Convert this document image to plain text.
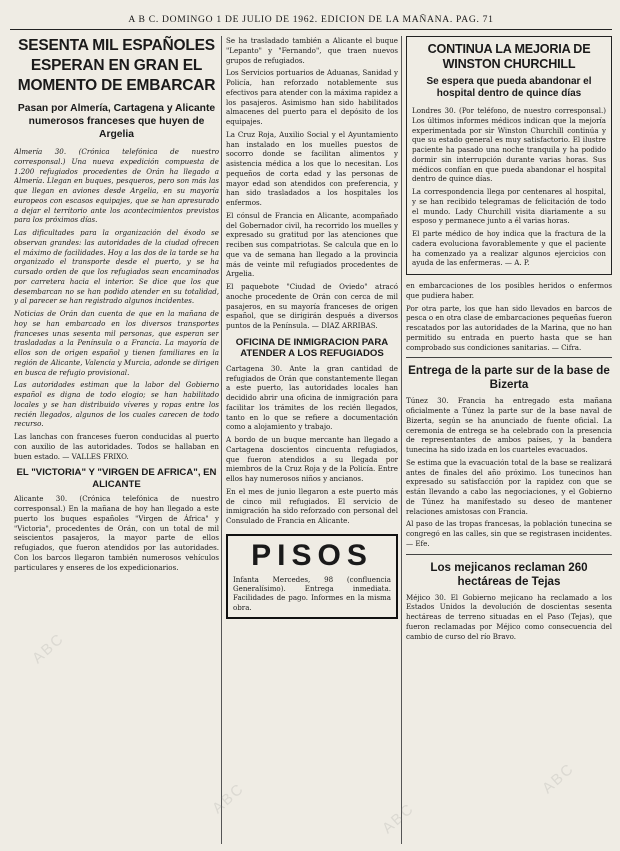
A B C. DOMINGO 1 DE JULIO DE 1962. EDICION DE LA MAÑANA. PAG. 71
SESENTA MIL ESPAÑOLES ESPERAN EN GRAN EL MOMENTO DE EMBARCAR
Pasan por Almería, Cartagena y Alicante numerosos franceses que huyen de Argelia
Almería 30. (Crónica telefónica de nuestro corresponsal.) Una nueva expedición compuesta de 1.200 refugiados procedentes de Orán ha llegado a Almería. Llegan en buques, pesqueros, pero son más las que llegan en aviones desde Argelia, en su mayoría europeos con escasos equipajes, que se han apresurado a dejar el territorio ante los acontecimientos previstos para los próximos días.
Las dificultades para la organización del éxodo se observan grandes: las autoridades de la ciudad ofrecen el máximo de facilidades. Hoy a las dos de la tarde se ha organizado el transporte desde el puerto, y se ha cursado orden de que los refugiados sean encaminados por carretera hacia el interior. Se dice que los que desembarcan no se han podido atender en su totalidad, y al parecer se han registrado algunos incidentes.
Noticias de Orán dan cuenta de que en la mañana de hoy se han embarcado en los diversos transportes franceses unas sesenta mil personas, que esperan ser trasladadas a la Península o a Francia. La mayoría de ellos son de origen español y tienen familiares en la región de Alicante, Valencia y Murcia, adonde se dirigen en busca de refugio provisional.
Las autoridades estiman que la labor del Gobierno español es digna de todo elogio; se han habilitado locales y se han distribuido víveres y ropas entre los recién llegados, algunos de los cuales carecen de todo recurso.
Las lanchas con franceses fueron conducidas al puerto con auxilio de las autoridades. Todos se hallaban en buen estado. — VALLES FRIXO.
EL "VICTORIA" Y "VIRGEN DE AFRICA", EN ALICANTE
Alicante 30. (Crónica telefónica de nuestro corresponsal.) En la mañana de hoy han llegado a este puerto los buques españoles "Virgen de África" y "Victoria", procedentes de Orán, con un total de mil seiscientos pasajeros, la mayor parte de ellos refugiados, que fueron atendidos por las autoridades. Con los barcos llegaron también numerosos vehículos particulares y enseres de los expedicionarios.
Se ha trasladado también a Alicante el buque "Lepanto" y "Fernando", que traen nuevos grupos de refugiados.
Los Servicios portuarios de Aduanas, Sanidad y Policía, han reforzado notablemente sus efectivos para atender con la máxima rapidez a los pasajeros. Asimismo han sido habilitados almacenes del puerto para el depósito de los equipajes.
La Cruz Roja, Auxilio Social y el Ayuntamiento han instalado en los muelles puestos de socorro donde se facilitan alimentos y asistencia médica a los que lo necesitan. Los pequeños de corta edad y las personas de mayor edad son atendidos con preferencia, y han sido trasladados a los hospitales los enfermos.
El cónsul de Francia en Alicante, acompañado del Gobernador civil, ha recorrido los muelles y expresado su gratitud por las atenciones que reciben sus compatriotas. Se calcula que en lo que va de semana han llegado a la provincia más de veinte mil refugiados procedentes de Argelia.
El paquebote "Ciudad de Oviedo" atracó anoche procedente de Orán con cerca de mil pasajeros, en su mayoría franceses de origen español, que se dirigirán después a diversos puntos de la Península. — DIAZ ARRIBAS.
OFICINA DE INMIGRACION PARA ATENDER A LOS REFUGIADOS
Cartagena 30. Ante la gran cantidad de refugiados de Orán que constantemente llegan a este puerto, las autoridades locales han decidido abrir una oficina de inmigración para facilitar los trámites de los recién llegados, tanto en lo que se refiere a documentación como a alojamiento y trabajo.
A bordo de un buque mercante han llegado a Cartagena doscientos cincuenta refugiados, que fueron atendidos a su llegada por miembros de la Cruz Roja y de la Policía. Entre ellos hay numerosos niños y ancianos.
En el mes de junio llegaron a este puerto más de cinco mil refugiados. El servicio de inmigración ha sido reforzado con personal del Consulado de Francia en Alicante.
PISOS
Infanta Mercedes, 98 (confluencia Generalísimo). Entrega inmediata. Facilidades de pago. Informes en la misma obra.
CONTINUA LA MEJORIA DE WINSTON CHURCHILL
Se espera que pueda abandonar el hospital dentro de quince días
Londres 30. (Por teléfono, de nuestro corresponsal.) Los últimos informes médicos indican que la mejoría experimentada por sir Winston Churchill continúa y que su estado general es muy satisfactorio. El ilustre paciente ha pasado una noche tranquila y ha podido dormir sin interrupción durante varias horas. Sus médicos confían en que pueda abandonar el hospital dentro de quince días.
La correspondencia llega por centenares al hospital, y se han recibido telegramas de felicitación de todo el mundo. Lady Churchill visita diariamente a su esposo y permanece junto a él varias horas.
El parte médico de hoy indica que la fractura de la cadera evoluciona favorablemente y que el paciente ha comenzado ya a realizar algunos ejercicios con ayuda de las enfermeras. — A. P.
en embarcaciones de los posibles heridos o enfermos que pudiera haber.
Por otra parte, los que han sido llevados en barcos de pesca o en otra clase de embarcaciones pequeñas fueron rescatados por las autoridades de la Marina, que no han permitido su entrada en puerto hasta que se han comprobado sus condiciones sanitarias. — Cifra.
Entrega de la parte sur de la base de Bizerta
Túnez 30. Francia ha entregado esta mañana oficialmente a Túnez la parte sur de la base naval de Bizerta, según se ha anunciado de fuente oficial. La ceremonia de entrega se ha celebrado con la presencia de representantes de ambos países, y la bandera tunecina ha sido izada en los cuarteles evacuados.
Se estima que la evacuación total de la base se realizará antes de finales del año próximo. Los tunecinos han expresado su satisfacción por la rapidez con que se están llevando a cabo las negociaciones, y el Gobierno de Túnez ha manifestado su deseo de mantener relaciones amistosas con Francia.
Al paso de las tropas francesas, la población tunecina se congregó en las calles, sin que se registrasen incidentes. — Efe.
Los mejicanos reclaman 260 hectáreas de Tejas
Méjico 30. El Gobierno mejicano ha reclamado a los Estados Unidos la devolución de doscientas sesenta hectáreas de terreno situadas en el Paso (Tejas), que fueron reclamadas por Méjico como consecuencia del cambio de curso del río Bravo.
ABC
ABC
ABC
ABC
